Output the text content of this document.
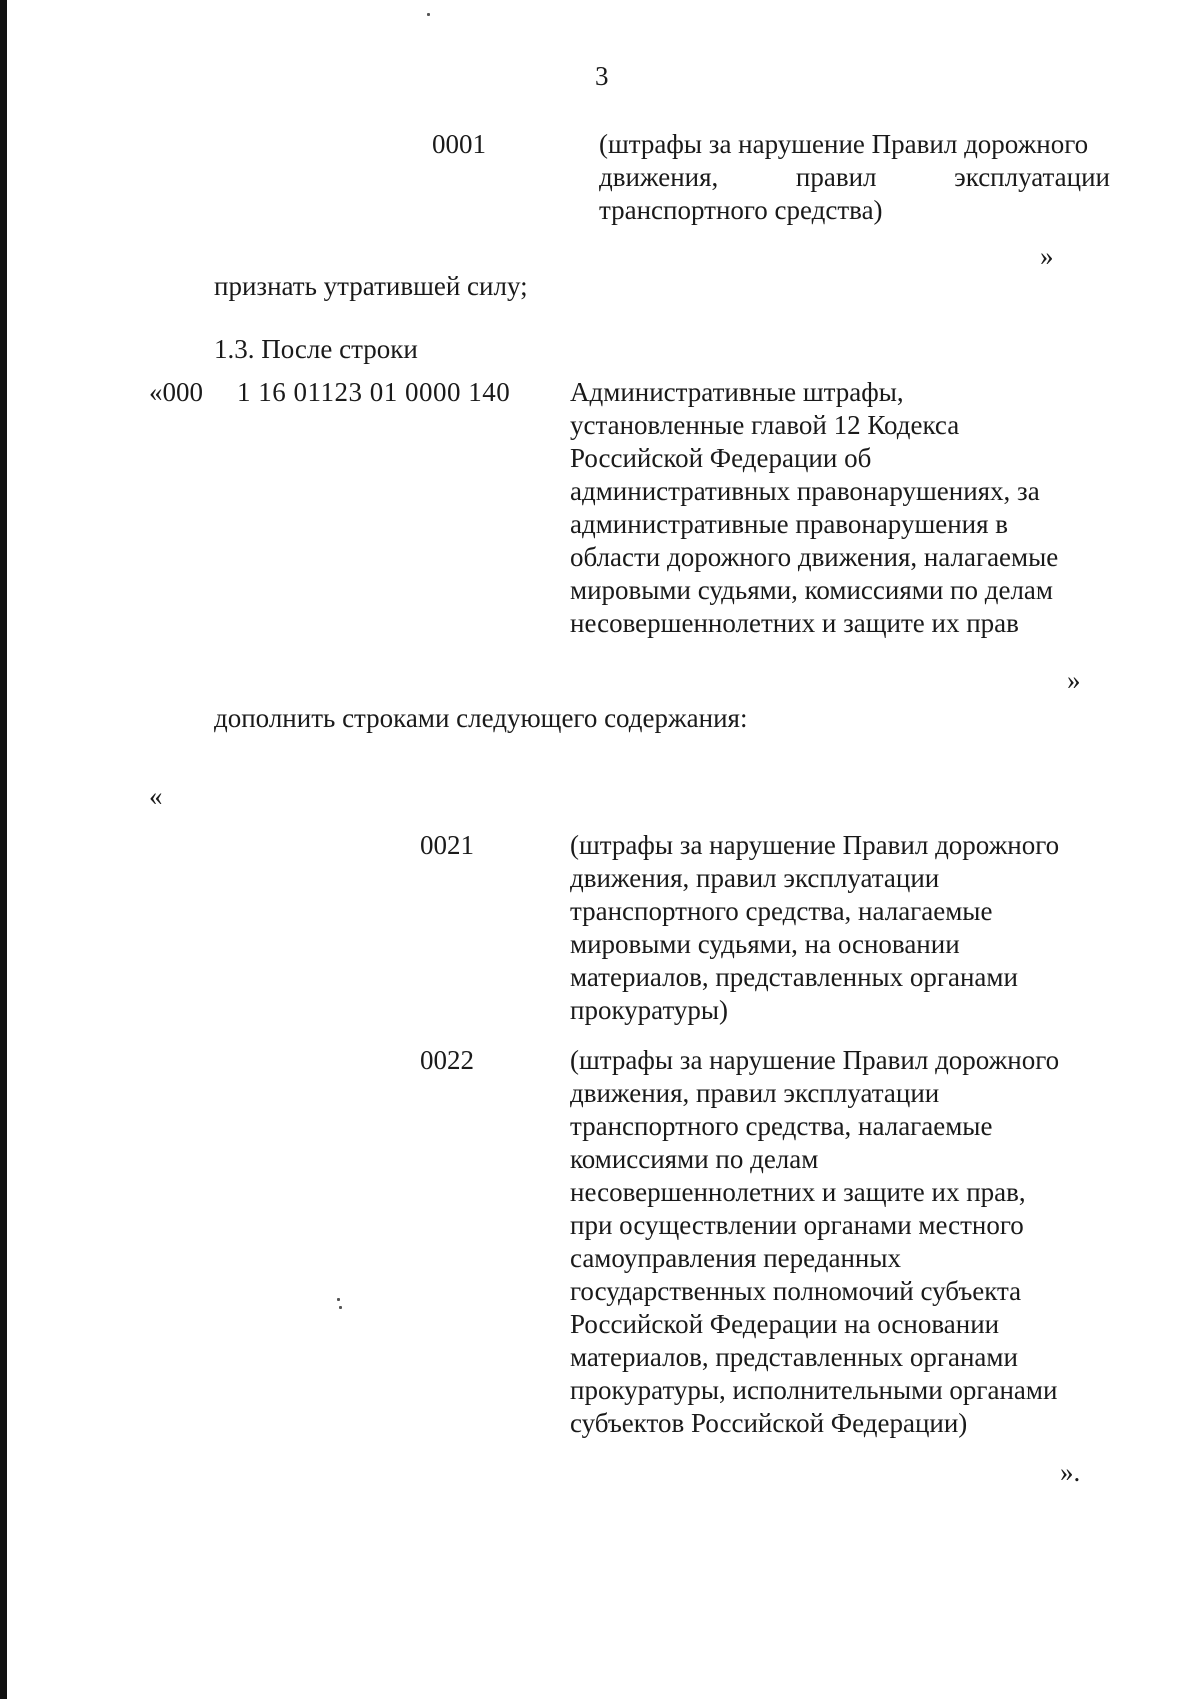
3
0001	(штрафы за нарушение Правил дорожного
движения, правил эксплуатации
транспортного средства)
»
признать утратившей силу;
1.3. После строки
«000 1 16 01123 01 0000 140 Административные штрафы,
установленные главой 12 Кодекса
Российской Федерации об
административных правонарушениях, за
административные правонарушения в
области дорожного движения, налагаемые
мировыми судьями, комиссиями по делам
несовершеннолетних и защите их прав
»
дополнить строками следующего содержания:
«
0021	(штрафы за нарушение Правил дорожного
движения, правил эксплуатации
транспортного средства, налагаемые
мировыми судьями, на основании
материалов, представленных органами
прокуратуры)
0022	(штрафы за нарушение Правил дорожного
движения, правил эксплуатации
транспортного средства, налагаемые
комиссиями по делам
несовершеннолетних и защите их прав,
при осуществлении органами местного
самоуправления переданных
государственных полномочий субъекта
Российской Федерации на основании
материалов, представленных органами
прокуратуры, исполнительными органами
субъектов Российской Федерации)
».
